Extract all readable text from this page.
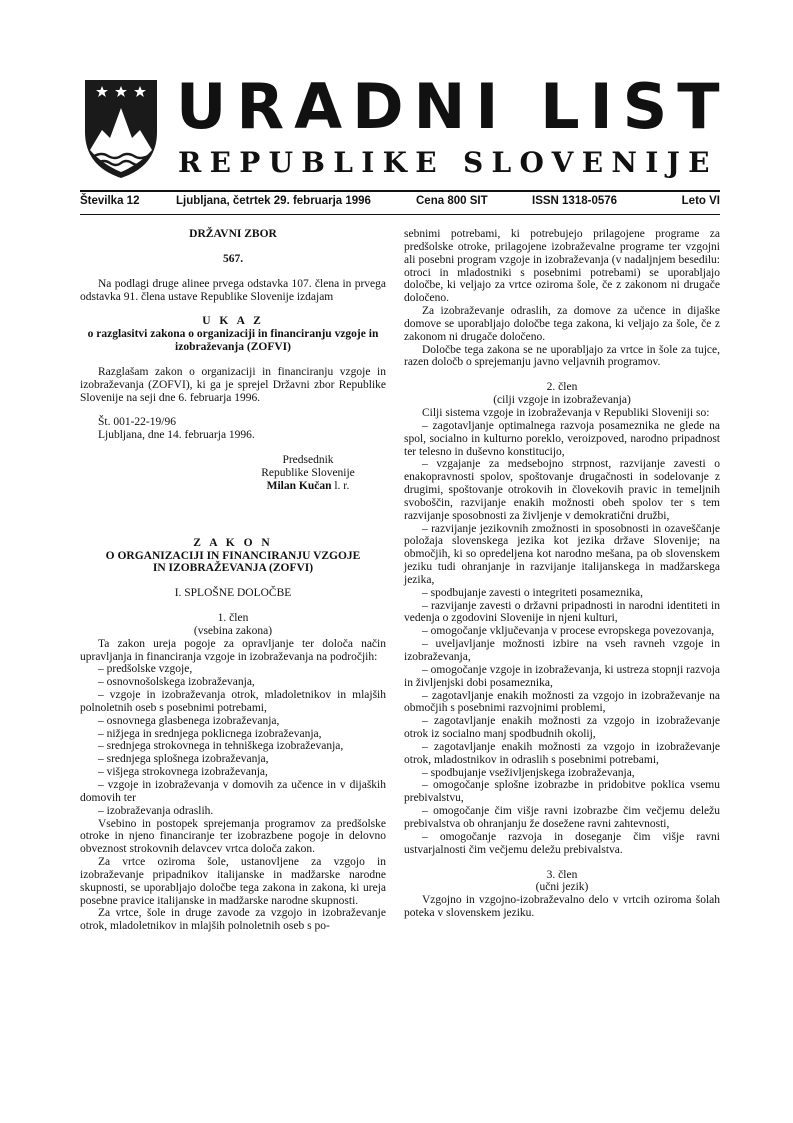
URADNI LIST
REPUBLIKE SLOVENIJE
Številka 12	Ljubljana, četrtek 29. februarja 1996	Cena 800 SIT	ISSN 1318-0576	Leto VI

DRŽAVNI ZBOR

567.

Na podlagi druge alinee prvega odstavka 107. člena in prvega odstavka 91. člena ustave Republike Slovenije izdajam

U K A Z

o razglasitvi zakona o organizaciji in financiranju vzgoje in izobraževanja (ZOFVI)

Razglašam zakon o organizaciji in financiranju vzgoje in izobraževanja (ZOFVI), ki ga je sprejel Državni zbor Republike Slovenije na seji dne 6. februarja 1996.

Št. 001-22-19/96

Ljubljana, dne 14. februarja 1996.

Predsednik

Republike Slovenije

Milan Kučan l. r.

Z A K O N

O ORGANIZACIJI IN FINANCIRANJU VZGOJE IN IZOBRAŽEVANJA (ZOFVI)

I. SPLOŠNE DOLOČBE

1. člen

(vsebina zakona)

Ta zakon ureja pogoje za opravljanje ter določa način upravljanja in financiranja vzgoje in izobraževanja na področjih:

– predšolske vzgoje,

– osnovnošolskega izobraževanja,

– vzgoje in izobraževanja otrok, mladoletnikov in mlajših polnoletnih oseb s posebnimi potrebami,

– osnovnega glasbenega izobraževanja,

– nižjega in srednjega poklicnega izobraževanja,

– srednjega strokovnega in tehniškega izobraževanja,

– srednjega splošnega izobraževanja,

– višjega strokovnega izobraževanja,

– vzgoje in izobraževanja v domovih za učence in v dijaških domovih ter

– izobraževanja odraslih.

Vsebino in postopek sprejemanja programov za predšolske otroke in njeno financiranje ter izobrazbene pogoje in delovno obveznost strokovnih delavcev vrtca določa zakon.

Za vrtce oziroma šole, ustanovljene za vzgojo in izobraževanje pripadnikov italijanske in madžarske narodne skupnosti, se uporabljajo določbe tega zakona in zakona, ki ureja posebne pravice italijanske in madžarske narodne skupnosti.

Za vrtce, šole in druge zavode za vzgojo in izobraževanje otrok, mladoletnikov in mlajših polnoletnih oseb s po-

sebnimi potrebami, ki potrebujejo prilagojene programe za predšolske otroke, prilagojene izobraževalne programe ter vzgojni ali posebni program vzgoje in izobraževanja (v nadaljnjem besedilu: otroci in mladostniki s posebnimi potrebami) se uporabljajo določbe, ki veljajo za vrtce oziroma šole, če z zakonom ni drugače določeno.

Za izobraževanje odraslih, za domove za učence in dijaške domove se uporabljajo določbe tega zakona, ki veljajo za šole, če z zakonom ni drugače določeno.

Določbe tega zakona se ne uporabljajo za vrtce in šole za tujce, razen določb o sprejemanju javno veljavnih programov.

2. člen

(cilji vzgoje in izobraževanja)

Cilji sistema vzgoje in izobraževanja v Republiki Sloveniji so:

– zagotavljanje optimalnega razvoja posameznika ne glede na spol, socialno in kulturno poreklo, veroizpoved, narodno pripadnost ter telesno in duševno konstitucijo,

– vzgajanje za medsebojno strpnost, razvijanje zavesti o enakopravnosti spolov, spoštovanje drugačnosti in sodelovanje z drugimi, spoštovanje otrokovih in človekovih pravic in temeljnih svoboščin, razvijanje enakih možnosti obeh spolov ter s tem razvijanje sposobnosti za življenje v demokratični družbi,

– razvijanje jezikovnih zmožnosti in sposobnosti in ozaveščanje položaja slovenskega jezika kot jezika države Slovenije; na območjih, ki so opredeljena kot narodno mešana, pa ob slovenskem jeziku tudi ohranjanje in razvijanje italijanskega in madžarskega jezika,

– spodbujanje zavesti o integriteti posameznika,

– razvijanje zavesti o državni pripadnosti in narodni identiteti in vedenja o zgodovini Slovenije in njeni kulturi,

– omogočanje vključevanja v procese evropskega povezovanja,

– uveljavljanje možnosti izbire na vseh ravneh vzgoje in izobraževanja,

– omogočanje vzgoje in izobraževanja, ki ustreza stopnji razvoja in življenjski dobi posameznika,

– zagotavljanje enakih možnosti za vzgojo in izobraževanje na območjih s posebnimi razvojnimi problemi,

– zagotavljanje enakih možnosti za vzgojo in izobraževanje otrok iz socialno manj spodbudnih okolij,

– zagotavljanje enakih možnosti za vzgojo in izobraževanje otrok, mladostnikov in odraslih s posebnimi potrebami,

– spodbujanje vseživljenjskega izobraževanja,

– omogočanje splošne izobrazbe in pridobitve poklica vsemu prebivalstvu,

– omogočanje čim višje ravni izobrazbe čim večjemu deležu prebivalstva ob ohranjanju že dosežene ravni zahtevnosti,

– omogočanje razvoja in doseganje čim višje ravni ustvarjalnosti čim večjemu deležu prebivalstva.

3. člen

(učni jezik)

Vzgojno in vzgojno-izobraževalno delo v vrtcih oziroma šolah poteka v slovenskem jeziku.
